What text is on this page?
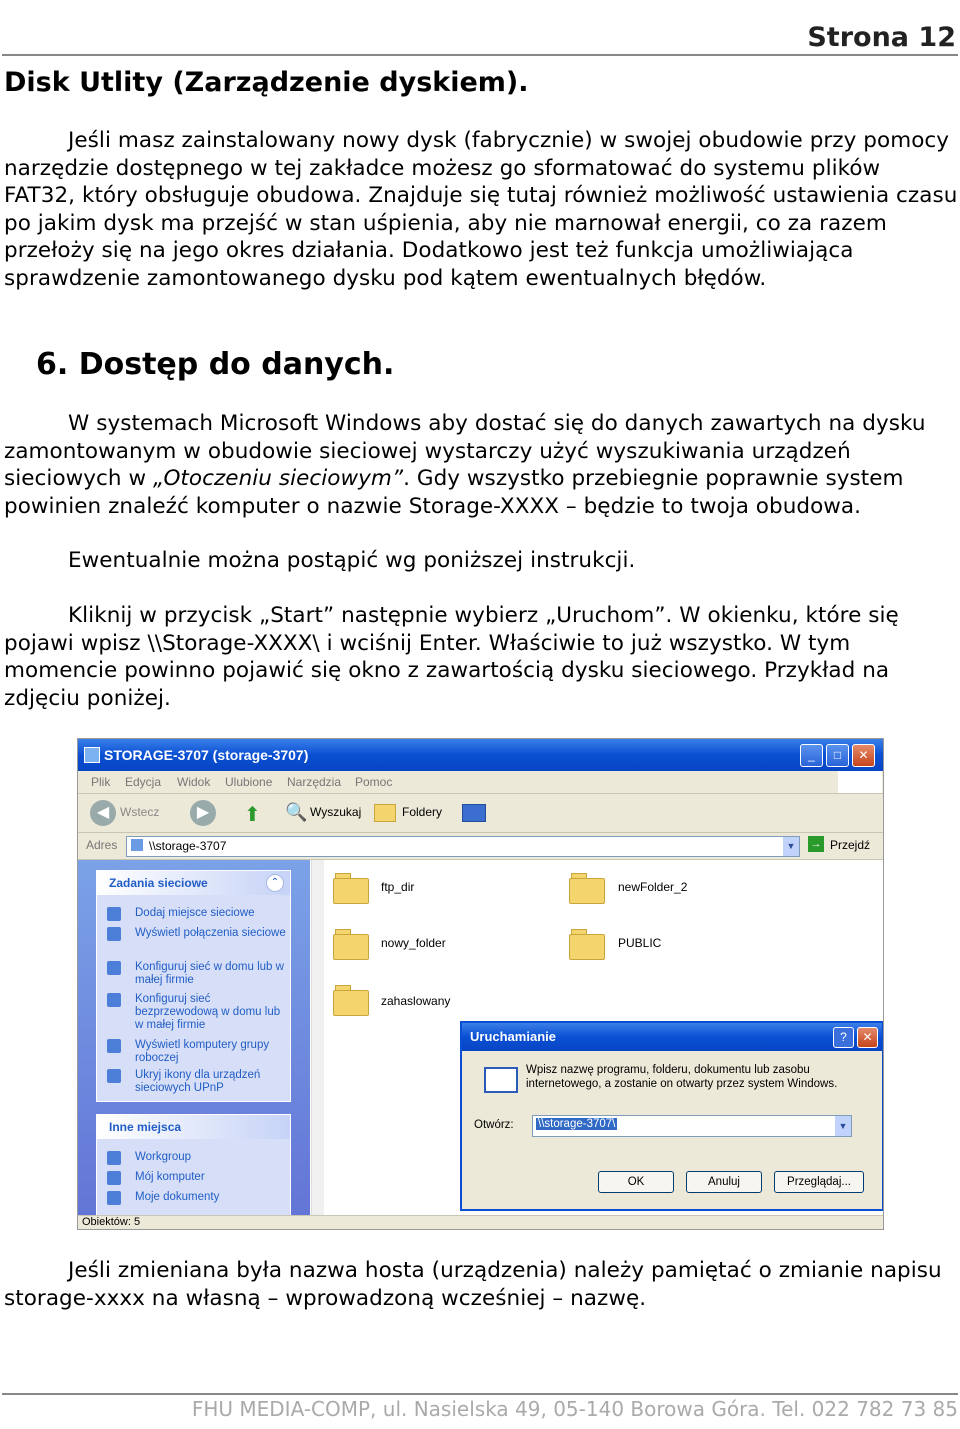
Strona 12
Disk Utlity (Zarządzenie dyskiem).

Jeśli masz zainstalowany nowy dysk (fabrycznie) w swojej obudowie przy pomocy narzędzie dostępnego w tej zakładce możesz go sformatować do systemu plików FAT32, który obsługuje obudowa. Znajduje się tutaj również możliwość ustawienia czasu po jakim dysk ma przejść w stan uśpienia, aby nie marnował energii, co za razem przełoży się na jego okres działania. Dodatkowo jest też funkcja umożliwiająca sprawdzenie zamontowanego dysku pod kątem ewentualnych błędów.

6. Dostęp do danych.

W systemach Microsoft Windows aby dostać się do danych zawartych na dysku zamontowanym w obudowie sieciowej wystarczy użyć wyszukiwania urządzeń sieciowych w „Otoczeniu sieciowym”. Gdy wszystko przebiegnie poprawnie system powinien znaleźć komputer o nazwie Storage-XXXX – będzie to twoja obudowa.

Ewentualnie można postąpić wg poniższej instrukcji.

Kliknij w przycisk „Start” następnie wybierz „Uruchom”. W okienku, które się pojawi wpisz \\Storage-XXXX\ i wciśnij Enter. Właściwie to już wszystko. W tym momencie powinno pojawić się okno z zawartością dysku sieciowego. Przykład na zdjęciu poniżej.

STORAGE-3707 (storage-3707)	_	□	✕
Plik Edycja Widok Ulubione Narzędzia Pomoc
◀ Wstecz	▶	⬆ 🔍 Wyszukaj	Foldery
Adres	\\storage-3707	▼	→ Przejdź
Zadania sieciowe	⌃
Dodaj miejsce sieciowe
Wyświetl połączenia sieciowe
Konfiguruj sieć w domu lub w małej firmie
Konfiguruj sieć bezprzewodową w domu lub w małej firmie
Wyświetl komputery grupy roboczej
Ukryj ikony dla urządzeń sieciowych UPnP
Inne miejsca
Workgroup
Mój komputer
Moje dokumenty
ftp_dir	newFolder_2
nowy_folder	PUBLIC
zahaslowany
Obiektów: 5
Uruchamianie	?	✕
Wpisz nazwę programu, folderu, dokumentu lub zasobu internetowego, a zostanie on otwarty przez system Windows.
Otwórz: \\storage-3707\	▼
OK	Anuluj	Przeglądaj...

Jeśli zmieniana była nazwa hosta (urządzenia) należy pamiętać o zmianie napisu storage-xxxx na własną – wprowadzoną wcześniej – nazwę.

FHU MEDIA-COMP, ul. Nasielska 49, 05-140 Borowa Góra. Tel. 022 782 73 85
